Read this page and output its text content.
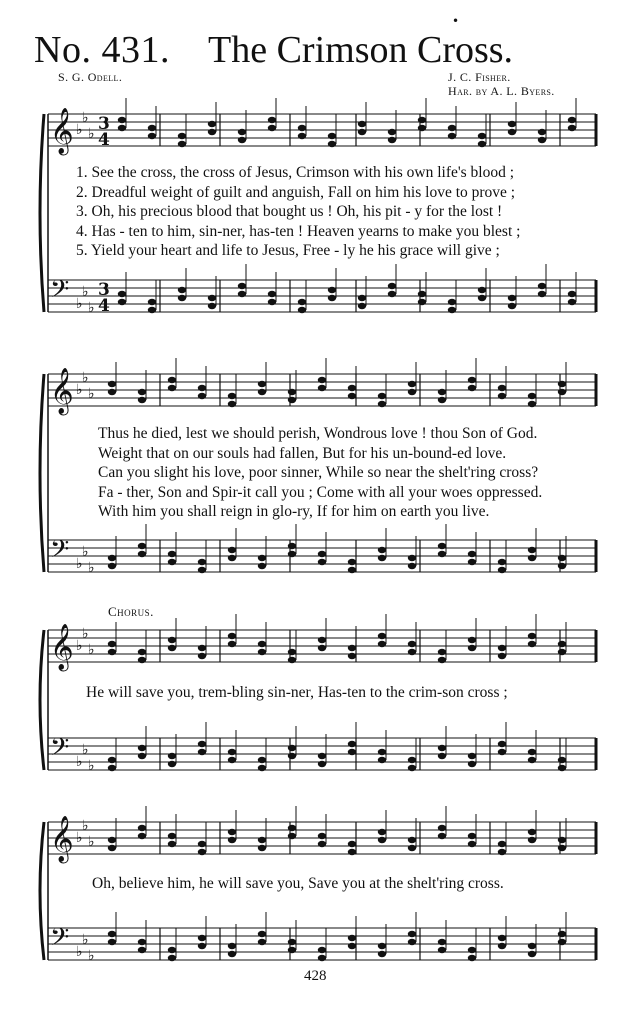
•
No. 431. The Crimson Cross.
S. G. Odell.	J. C. Fisher.
Har. by A. L. Byers.
𝄞 ♭
♭
♭ 3
4
𝄢 ♭
♭
♭
3
4
𝄞 ♭
♭
♭
𝄢 ♭
♭
♭
𝄞 ♭
♭
♭
𝄢 ♭
♭
♭
𝄞 ♭
♭
♭
𝄢 ♭
♭
♭
1. See the cross, the cross of Jesus, Crimson with his own life's blood ;
2. Dreadful weight of guilt and anguish, Fall on him his love to prove ;
3. Oh, his precious blood that bought us ! Oh, his pit - y for the lost !
4. Has - ten to him, sin-ner, has-ten ! Heaven yearns to make you blest ;
5. Yield your heart and life to Jesus, Free - ly he his grace will give ;
Thus he died, lest we should perish, Wondrous love ! thou Son of God.
Weight that on our souls had fallen, But for his un-bound-ed love.
Can you slight his love, poor sinner, While so near the shelt'ring cross?
Fa - ther, Son and Spir-it call you ; Come with all your woes oppressed.
With him you shall reign in glo-ry, If for him on earth you live.
Chorus.
He will save you, trem-bling sin-ner, Has-ten to the crim-son cross ;
Oh, believe him, he will save you, Save you at the shelt'ring cross.
428
